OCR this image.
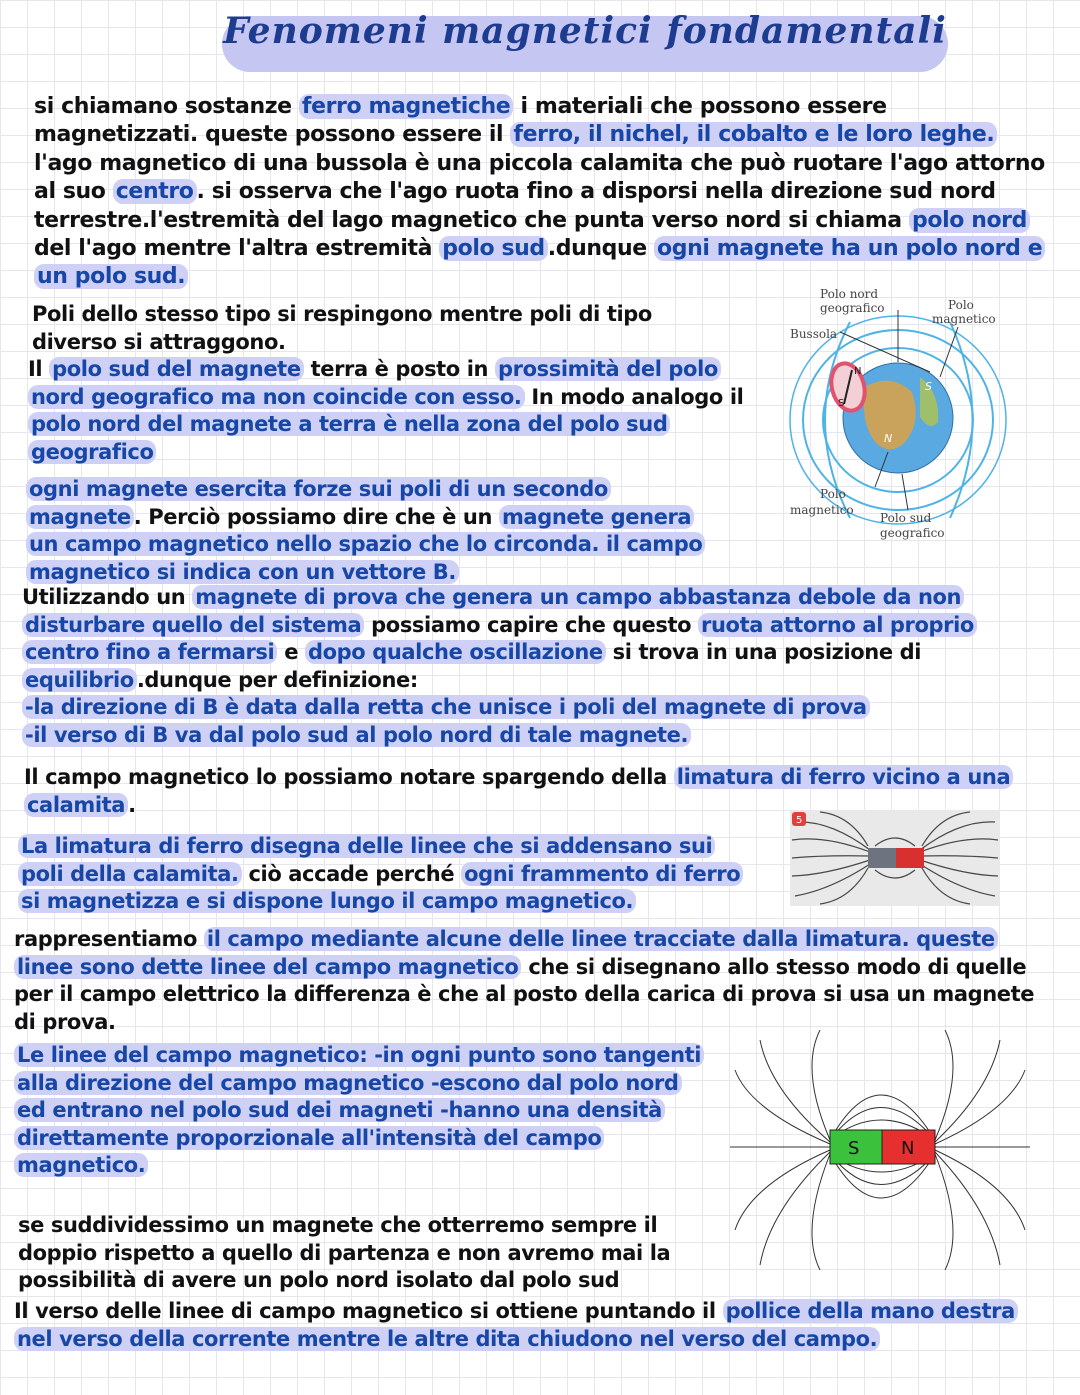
Fenomeni magnetici fondamentali

si chiamano sostanze ferro magnetiche i materiali che possono essere magnetizzati. queste possono essere il ferro, il nichel, il cobalto e le loro leghe. l'ago magnetico di una bussola è una piccola calamita che può ruotare l'ago attorno al suo centro . si osserva che l'ago ruota fino a disporsi nella direzione sud nord terrestre.l'estremità del lago magnetico che punta verso nord si chiama polo nord del l'ago mentre l'altra estremità polo sud .dunque ogni magnete ha un polo nord e un polo sud.

Poli dello stesso tipo si respingono mentre poli di tipo diverso si attraggono.

Il polo sud del magnete terra è posto in prossimità del polo nord geografico ma non coincide con esso. In modo analogo il polo nord del magnete a terra è nella zona del polo sud geografico

ogni magnete esercita forze sui poli di un secondo magnete . Perciò possiamo dire che è un magnete genera un campo magnetico nello spazio che lo circonda. il campo magnetico si indica con un vettore B.

Utilizzando un magnete di prova che genera un campo abbastanza debole da non disturbare quello del sistema possiamo capire che questo ruota attorno al proprio centro fino a fermarsi e dopo qualche oscillazione si trova in una posizione di equilibrio .dunque per definizione:

-la direzione di B è data dalla retta che unisce i poli del magnete di prova

-il verso di B va dal polo sud al polo nord di tale magnete.

Il campo magnetico lo possiamo notare spargendo della limatura di ferro vicino a una calamita .

La limatura di ferro disegna delle linee che si addensano sui poli della calamita. ciò accade perché ogni frammento di ferro si magnetizza e si dispone lungo il campo magnetico.

rappresentiamo il campo mediante alcune delle linee tracciate dalla limatura. queste linee sono dette linee del campo magnetico che si disegnano allo stesso modo di quelle per il campo elettrico la differenza è che al posto della carica di prova si usa un magnete di prova.

Le linee del campo magnetico: -in ogni punto sono tangenti alla direzione del campo magnetico -escono dal polo nord ed entrano nel polo sud dei magneti -hanno una densità direttamente proporzionale all'intensità del campo magnetico.

se suddividessimo un magnete che otterremo sempre il doppio rispetto a quello di partenza e non avremo mai la possibilità di avere un polo nord isolato dal polo sud

Il verso delle linee di campo magnetico si ottiene puntando il pollice della mano destra nel verso della corrente mentre le altre dita chiudono nel verso del campo.

N
S
S
N
Polo nord
geografico	Polo
magnetico
Bussola
Polo
magnetico
Polo sud
geografico
5
S N
